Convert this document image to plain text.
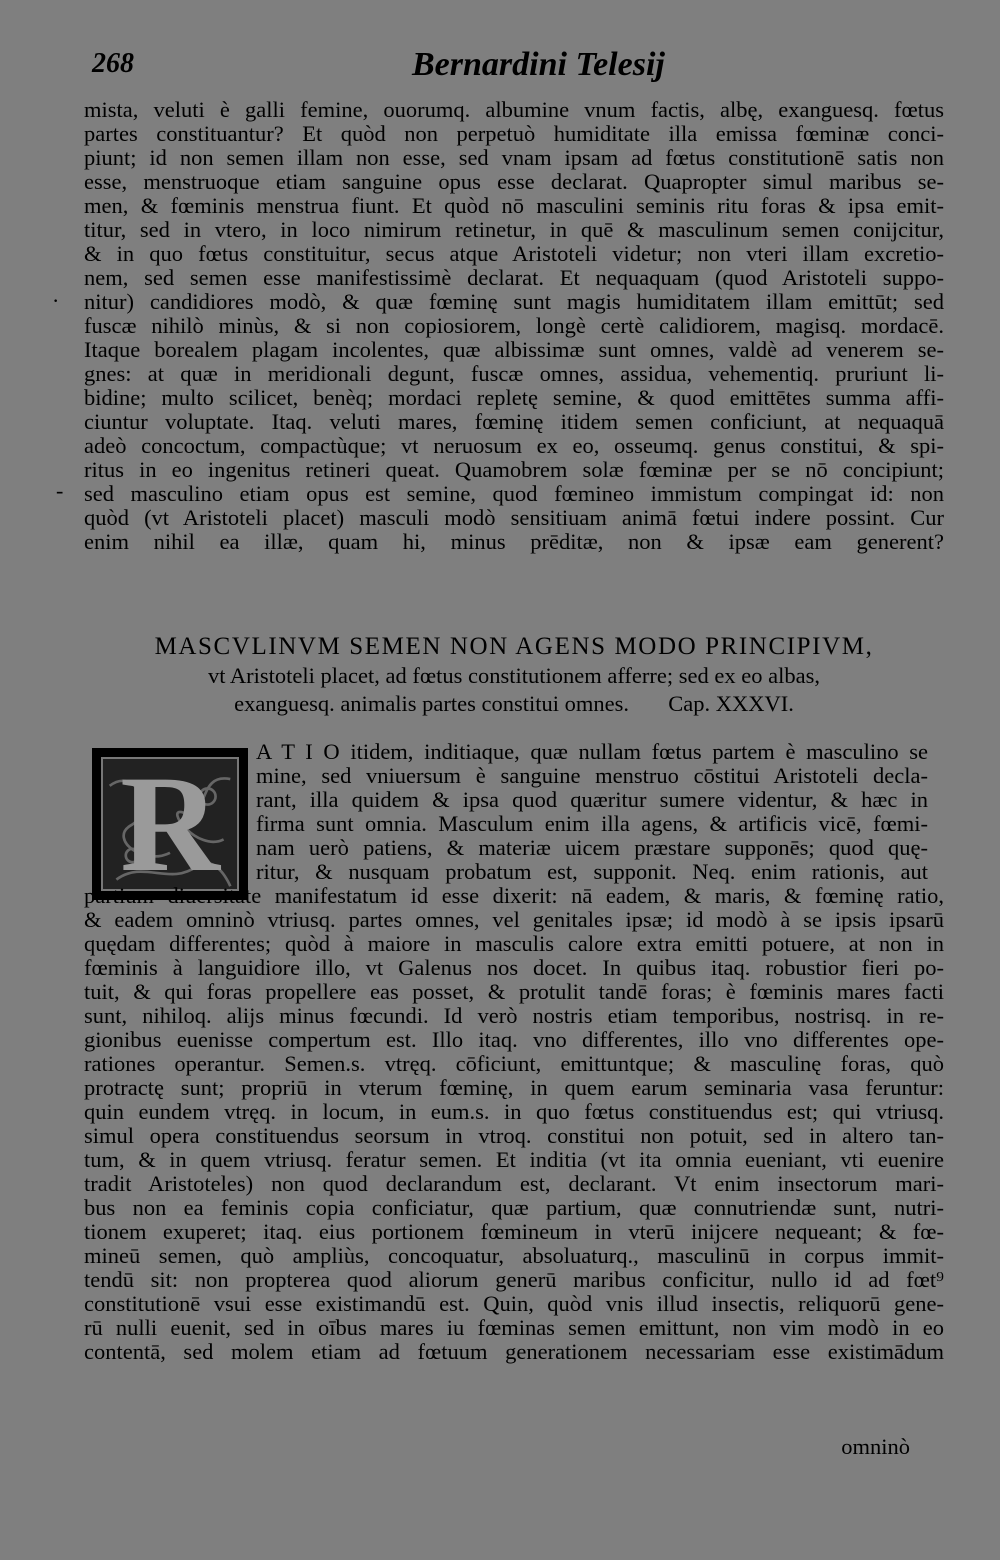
268	Bernardini Telesij
mista, veluti è galli femine, ouorumq. albumine vnum factis, albę, exanguesq. fœtus
partes constituantur? Et quòd non perpetuò humiditate illa emissa fœminæ conci-
piunt; id non semen illam non esse, sed vnam ipsam ad fœtus constitutionē satis non
esse, menstruoque etiam sanguine opus esse declarat. Quapropter simul maribus se-
men, & fœminis menstrua fiunt. Et quòd nō masculini seminis ritu foras & ipsa emit-
titur, sed in vtero, in loco nimirum retinetur, in quē & masculinum semen conijcitur,
& in quo fœtus constituitur, secus atque Aristoteli videtur; non vteri illam excretio-
nem, sed semen esse manifestissimè declarat. Et nequaquam (quod Aristoteli suppo-
nitur) candidiores modò, & quæ fœminę sunt magis humiditatem illam emittūt; sed
fuscæ nihilò minùs, & si non copiosiorem, longè certè calidiorem, magisq. mordacē.
Itaque borealem plagam incolentes, quæ albissimæ sunt omnes, valdè ad venerem se-
gnes: at quæ in meridionali degunt, fuscæ omnes, assidua, vehementiq. pruriunt li-
bidine; multo scilicet, benèq; mordaci repletę semine, & quod emittētes summa affi-
ciuntur voluptate. Itaq. veluti mares, fœminę itidem semen conficiunt, at nequaquā
adeò concoctum, compactùque; vt neruosum ex eo, osseumq. genus constitui, & spi-
ritus in eo ingenitus retineri queat. Quamobrem solæ fœminæ per se nō concipiunt;
sed masculino etiam opus est semine, quod fœmineo immistum compingat id: non
quòd (vt Aristoteli placet) masculi modò sensitiuam animā fœtui indere possint. Cur
enim nihil ea illæ, quam hi, minus prēditæ, non & ipsæ eam generent?
MASCVLINVM SEMEN NON AGENS MODO PRINCIPIVM,
vt Aristoteli placet, ad fœtus constitutionem afferre; sed ex eo albas,
exanguesq. animalis partes constitui omnes. Cap. XXXVI.
R A T I O itidem, inditiaque, quæ nullam fœtus partem è masculino se
mine, sed vniuersum è sanguine menstruo cōstitui Aristoteli decla-
rant, illa quidem & ipsa quod quæritur sumere videntur, & hæc in
firma sunt omnia. Masculum enim illa agens, & artificis vicē, fœmi-
nam uerò patiens, & materiæ uicem præstare supponēs; quod quę-
ritur, & nusquam probatum est, supponit. Neq. enim rationis, aut
partium diuersitate manifestatum id esse dixerit: nā eadem, & maris, & fœminę ratio,
& eadem omninò vtriusq. partes omnes, vel genitales ipsæ; id modò à se ipsis ipsarū
quędam differentes; quòd à maiore in masculis calore extra emitti potuere, at non in
fœminis à languidiore illo, vt Galenus nos docet. In quibus itaq. robustior fieri po-
tuit, & qui foras propellere eas posset, & protulit tandē foras; è fœminis mares facti
sunt, nihiloq. alijs minus fœcundi. Id verò nostris etiam temporibus, nostrisq. in re-
gionibus euenisse compertum est. Illo itaq. vno differentes, illo vno differentes ope-
rationes operantur. Semen.s. vtręq. cōficiunt, emittuntque; & masculinę foras, quò
protractę sunt; propriū in vterum fœminę, in quem earum seminaria vasa feruntur:
quin eundem vtręq. in locum, in eum.s. in quo fœtus constituendus est; qui vtriusq.
simul opera constituendus seorsum in vtroq. constitui non potuit, sed in altero tan-
tum, & in quem vtriusq. feratur semen. Et inditia (vt ita omnia eueniant, vti euenire
tradit Aristoteles) non quod declarandum est, declarant. Vt enim insectorum mari-
bus non ea feminis copia conficiatur, quæ partium, quæ connutriendæ sunt, nutri-
tionem exuperet; itaq. eius portionem fœmineum in vterū inijcere nequeant; & fœ-
mineū semen, quò ampliùs, concoquatur, absoluaturq., masculinū in corpus immit-
tendū sit: non propterea quod aliorum generū maribus conficitur, nullo id ad fœt⁹
constitutionē vsui esse existimandū est. Quin, quòd vnis illud insectis, reliquorū gene-
rū nulli euenit, sed in oībus mares iu fœminas semen emittunt, non vim modò in eo
contentā, sed molem etiam ad fœtuum generationem necessariam esse existimādum
·
-
omninò
